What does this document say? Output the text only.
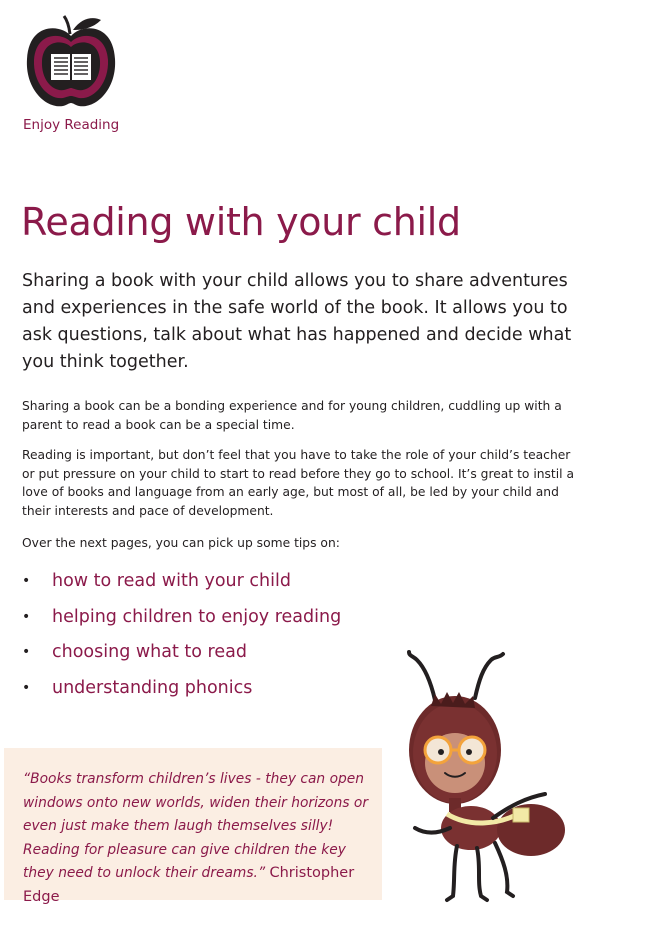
Enjoy Reading
Reading with your child

Sharing a book with your child allows you to share adventures and experiences in the safe world of the book. It allows you to ask questions, talk about what has happened and decide what you think together.

Sharing a book can be a bonding experience and for young children, cuddling up with a parent to read a book can be a special time.

Reading is important, but don’t feel that you have to take the role of your child’s teacher or put pressure on your child to start to read before they go to school. It’s great to instil a love of books and language from an early age, but most of all, be led by your child and their interests and pace of development.

Over the next pages, you can pick up some tips on:

• how to read with your child
• helping children to enjoy reading
• choosing what to read
• understanding phonics

“Books transform children’s lives - they can open windows onto new worlds, widen their horizons or even just make them laugh themselves silly! Reading for pleasure can give children the key they need to unlock their dreams.” Christopher Edge
